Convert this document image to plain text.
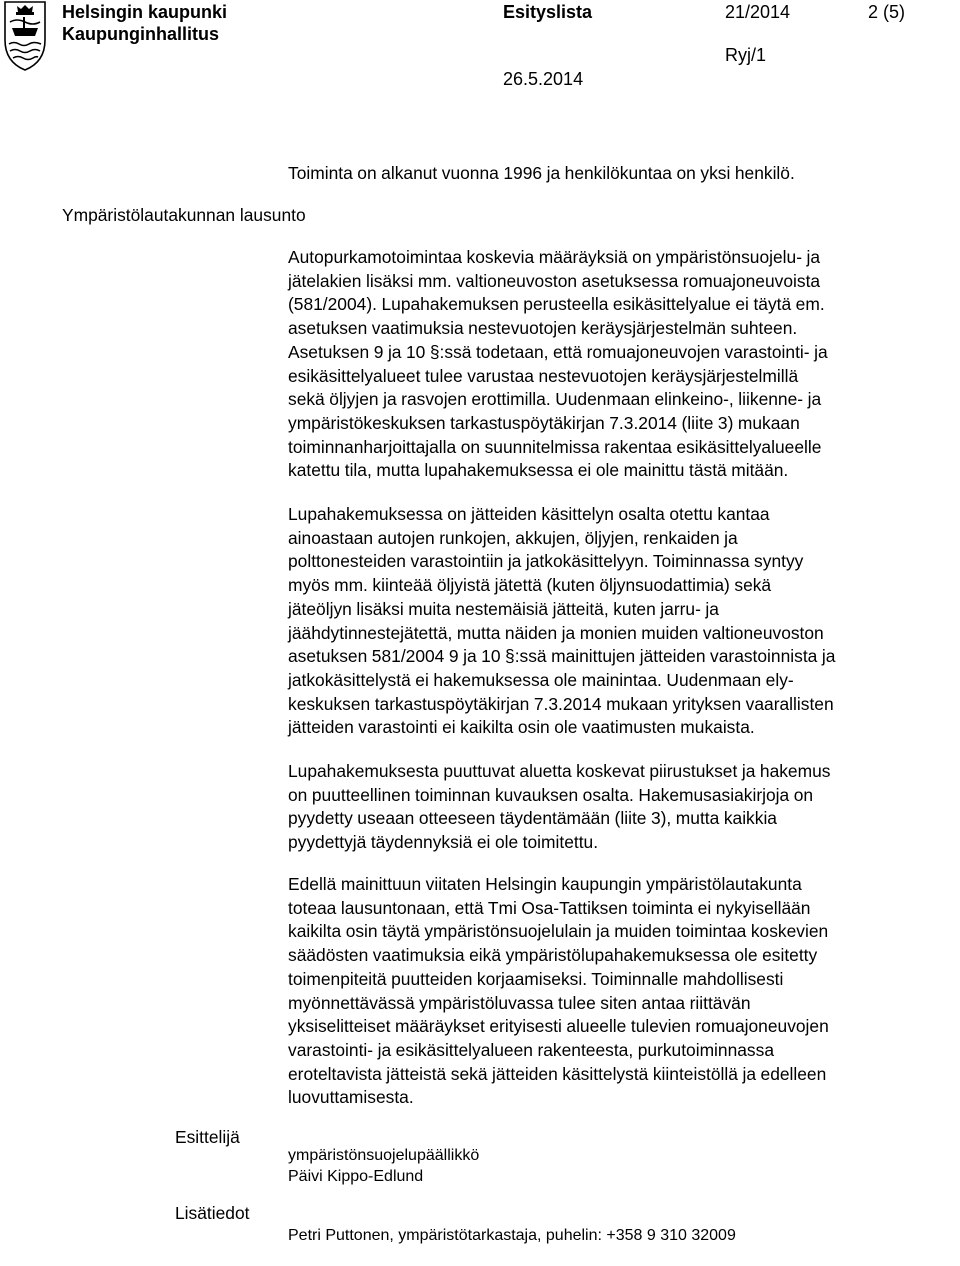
Helsingin kaupunki
Kaupunginhallitus
Esityslista	21/2014	2 (5)
Ryj/1
26.5.2014
Toiminta on alkanut vuonna 1996 ja henkilökuntaa on yksi henkilö.
Ympäristölautakunnan lausunto
Autopurkamotoimintaa koskevia määräyksiä on ympäristönsuojelu- ja
jätelakien lisäksi mm. valtioneuvoston asetuksessa romuajoneuvoista
(581/2004). Lupahakemuksen perusteella esikäsittelyalue ei täytä em.
asetuksen vaatimuksia nestevuotojen keräysjärjestelmän suhteen.
Asetuksen 9 ja 10 §:ssä todetaan, että romuajoneuvojen varastointi- ja
esikäsittelyalueet tulee varustaa nestevuotojen keräysjärjestelmillä
sekä öljyjen ja rasvojen erottimilla. Uudenmaan elinkeino-, liikenne- ja
ympäristökeskuksen tarkastuspöytäkirjan 7.3.2014 (liite 3) mukaan
toiminnanharjoittajalla on suunnitelmissa rakentaa esikäsittelyalueelle
katettu tila, mutta lupahakemuksessa ei ole mainittu tästä mitään.
Lupahakemuksessa on jätteiden käsittelyn osalta otettu kantaa
ainoastaan autojen runkojen, akkujen, öljyjen, renkaiden ja
polttonesteiden varastointiin ja jatkokäsittelyyn. Toiminnassa syntyy
myös mm. kiinteää öljyistä jätettä (kuten öljynsuodattimia) sekä
jäteöljyn lisäksi muita nestemäisiä jätteitä, kuten jarru- ja
jäähdytinnestejätettä, mutta näiden ja monien muiden valtioneuvoston
asetuksen 581/2004 9 ja 10 §:ssä mainittujen jätteiden varastoinnista ja
jatkokäsittelystä ei hakemuksessa ole mainintaa. Uudenmaan ely-
keskuksen tarkastuspöytäkirjan 7.3.2014 mukaan yrityksen vaarallisten
jätteiden varastointi ei kaikilta osin ole vaatimusten mukaista.
Lupahakemuksesta puuttuvat aluetta koskevat piirustukset ja hakemus
on puutteellinen toiminnan kuvauksen osalta. Hakemusasiakirjoja on
pyydetty useaan otteeseen täydentämään (liite 3), mutta kaikkia
pyydettyjä täydennyksiä ei ole toimitettu.
Edellä mainittuun viitaten Helsingin kaupungin ympäristölautakunta
toteaa lausuntonaan, että Tmi Osa-Tattiksen toiminta ei nykyisellään
kaikilta osin täytä ympäristönsuojelulain ja muiden toimintaa koskevien
säädösten vaatimuksia eikä ympäristölupahakemuksessa ole esitetty
toimenpiteitä puutteiden korjaamiseksi. Toiminnalle mahdollisesti
myönnettävässä ympäristöluvassa tulee siten antaa riittävän
yksiselitteiset määräykset erityisesti alueelle tulevien romuajoneuvojen
varastointi- ja esikäsittelyalueen rakenteesta, purkutoiminnassa
eroteltavista jätteistä sekä jätteiden käsittelystä kiinteistöllä ja edelleen
luovuttamisesta.
Esittelijä
ympäristönsuojelupäällikkö
Päivi Kippo-Edlund
Lisätiedot
Petri Puttonen, ympäristötarkastaja, puhelin: +358 9 310 32009
